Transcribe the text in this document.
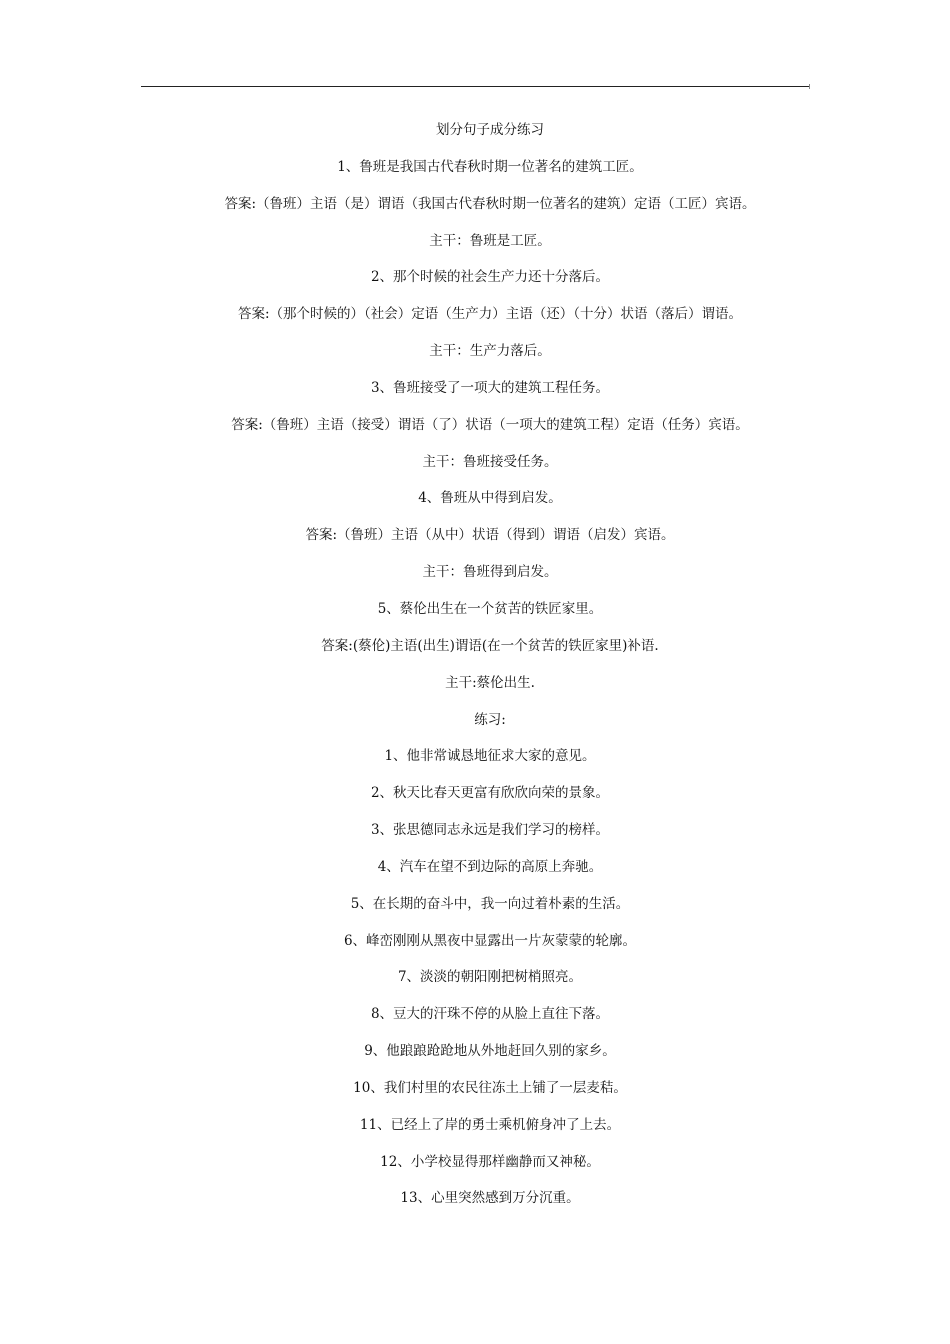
划分句子成分练习
1、鲁班是我国古代春秋时期一位著名的建筑工匠。
答案:（鲁班）主语（是）谓语（我国古代春秋时期一位著名的建筑）定语（工匠）宾语。
主干：鲁班是工匠。
2、那个时候的社会生产力还十分落后。
答案:（那个时候的）（社会）定语（生产力）主语（还）（十分）状语（落后）谓语。
主干：生产力落后。
3、鲁班接受了一项大的建筑工程任务。
答案:（鲁班）主语（接受）谓语（了）状语（一项大的建筑工程）定语（任务）宾语。
主干：鲁班接受任务。
4、鲁班从中得到启发。
答案:（鲁班）主语（从中）状语（得到）谓语（启发）宾语。
主干：鲁班得到启发。
5、蔡伦出生在一个贫苦的铁匠家里。
答案:(蔡伦)主语(出生)谓语(在一个贫苦的铁匠家里)补语.
主干:蔡伦出生.
练习:
1、他非常诚恳地征求大家的意见。
2、秋天比春天更富有欣欣向荣的景象。
3、张思德同志永远是我们学习的榜样。
4、汽车在望不到边际的高原上奔驰。
5、在长期的奋斗中，我一向过着朴素的生活。
6、峰峦刚刚从黑夜中显露出一片灰蒙蒙的轮廓。
7、淡淡的朝阳刚把树梢照亮。
8、豆大的汗珠不停的从脸上直往下落。
9、他踉踉跄跄地从外地赶回久别的家乡。
10、我们村里的农民往冻土上铺了一层麦秸。
11、已经上了岸的勇士乘机俯身冲了上去。
12、小学校显得那样幽静而又神秘。
13、心里突然感到万分沉重。
